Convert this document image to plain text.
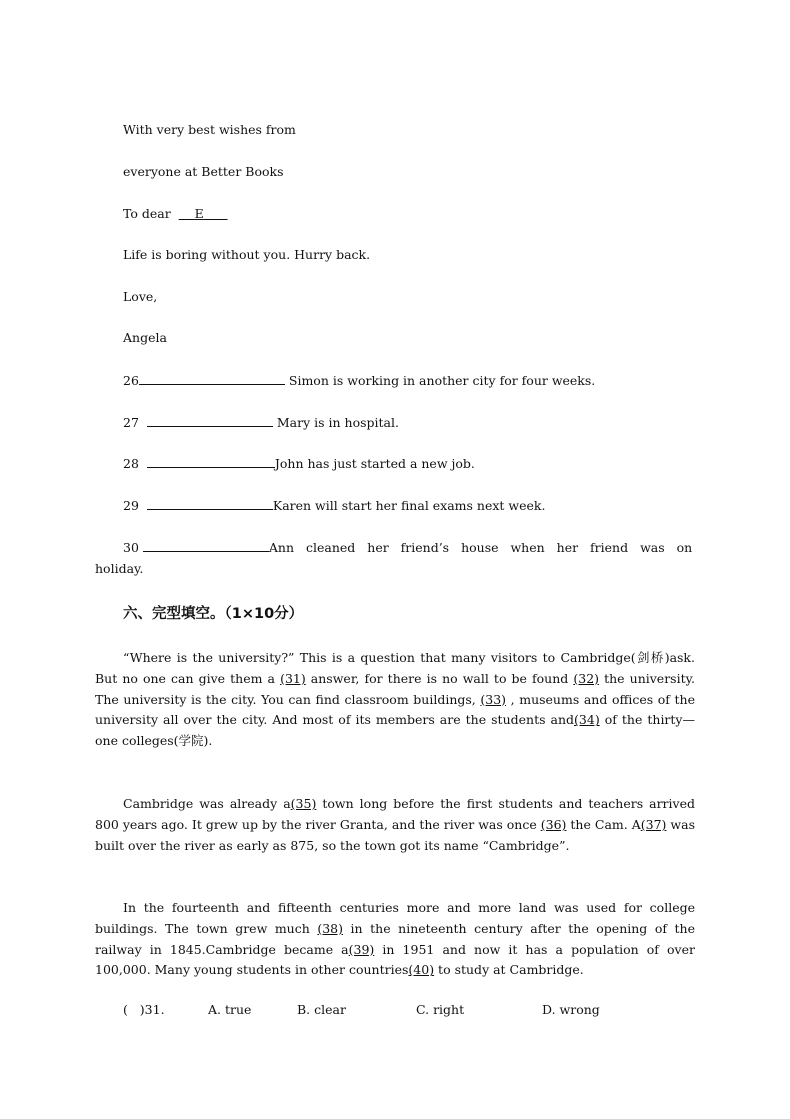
With very best wishes from
everyone at Better Books
To dear E
Life is boring without you. Hurry back.
Love,
Angela
26	Simon is working in another city for four weeks.
27	Mary is in hospital.
28	John has just started a new job.
29	Karen will start her final exams next week.
30	Ann cleaned her friend’s house when her friend was on
holiday.
六、完型填空。（1×10分）
“Where is the university?” This is a question that many visitors to Cambridge(剑桥)ask. But no one can give them a (31) answer, for there is no wall to be found (32) the university. The university is the city. You can find classroom buildings, (33) , museums and offices of the university all over the city. And most of its members are the students and(34) of the thirty—one colleges(学院).
Cambridge was already a(35) town long before the first students and teachers arrived 800 years ago. It grew up by the river Granta, and the river was once (36) the Cam. A(37) was built over the river as early as 875, so the town got its name “Cambridge”.
In the fourteenth and fifteenth centuries more and more land was used for college buildings. The town grew much (38) in the nineteenth century after the opening of the railway in 1845.Cambridge became a(39) in 1951 and now it has a population of over 100,000. Many young students in other countries(40) to study at Cambridge.
(   )31.	A. true	B. clear	C. right	D. wrong
